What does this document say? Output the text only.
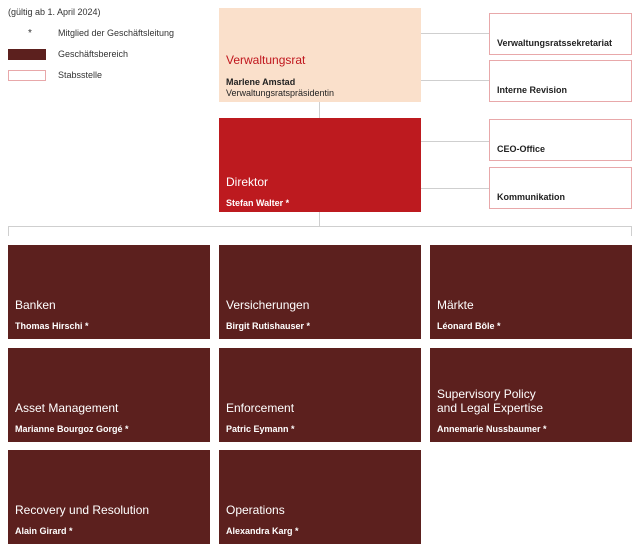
(gültig ab 1. April 2024)
*	Mitglied der Geschäftsleitung
Geschäftsbereich
Stabsstelle
Verwaltungsrat
Marlene Amstad
Verwaltungsratspräsidentin
Verwaltungsratssekretariat
Interne Revision
Direktor
Stefan Walter *
CEO-Office
Kommunikation
Banken
Thomas Hirschi *
Versicherungen
Birgit Rutishauser *
Märkte
Léonard Bôle *
Asset Management
Marianne Bourgoz Gorgé *
Enforcement
Patric Eymann *
Supervisory Policy
and Legal Expertise
Annemarie Nussbaumer *
Recovery und Resolution
Alain Girard *
Operations
Alexandra Karg *
